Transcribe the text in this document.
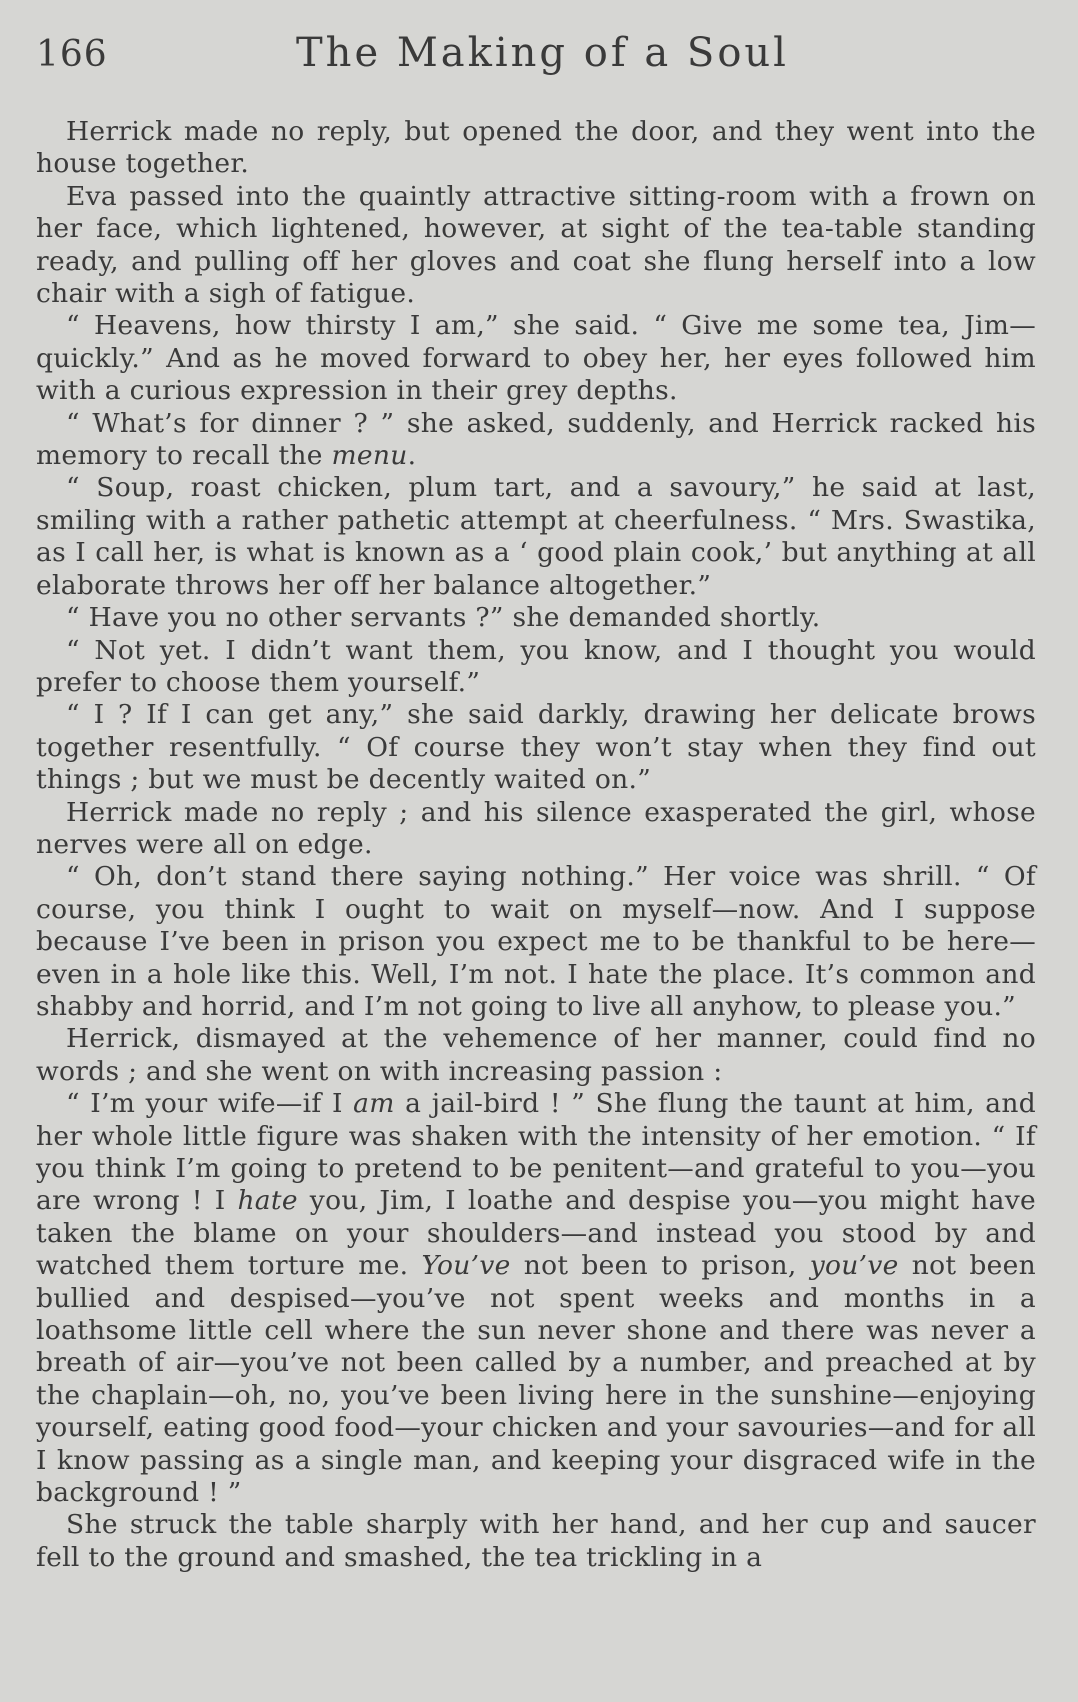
166	The Making of a Soul

Herrick made no reply, but opened the door, and they went into the house together.

Eva passed into the quaintly attractive sitting-room with a frown on her face, which lightened, however, at sight of the tea-table standing ready, and pulling off her gloves and coat she flung herself into a low chair with a sigh of fatigue.

“ Heavens, how thirsty I am,” she said. “ Give me some tea, Jim—quickly.” And as he moved forward to obey her, her eyes followed him with a curious expression in their grey depths.

“ What’s for dinner ? ” she asked, suddenly, and Herrick racked his memory to recall the menu.

“ Soup, roast chicken, plum tart, and a savoury,” he said at last, smiling with a rather pathetic attempt at cheerfulness. “ Mrs. Swastika, as I call her, is what is known as a ‘ good plain cook,’ but anything at all elaborate throws her off her balance altogether.”

“ Have you no other servants ?” she demanded shortly.

“ Not yet. I didn’t want them, you know, and I thought you would prefer to choose them yourself.”

“ I ? If I can get any,” she said darkly, drawing her delicate brows together resentfully. “ Of course they won’t stay when they find out things ; but we must be decently waited on.”

Herrick made no reply ; and his silence exasperated the girl, whose nerves were all on edge.

“ Oh, don’t stand there saying nothing.” Her voice was shrill. “ Of course, you think I ought to wait on myself—now. And I suppose because I’ve been in prison you expect me to be thankful to be here—even in a hole like this. Well, I’m not. I hate the place. It’s common and shabby and horrid, and I’m not going to live all anyhow, to please you.”

Herrick, dismayed at the vehemence of her manner, could find no words ; and she went on with increasing passion :

“ I’m your wife—if I am a jail-bird ! ” She flung the taunt at him, and her whole little figure was shaken with the intensity of her emotion. “ If you think I’m going to pretend to be penitent—and grateful to you—you are wrong ! I hate you, Jim, I loathe and despise you—you might have taken the blame on your shoulders—and instead you stood by and watched them torture me. You’ve not been to prison, you’ve not been bullied and despised—you’ve not spent weeks and months in a loathsome little cell where the sun never shone and there was never a breath of air—you’ve not been called by a number, and preached at by the chaplain—oh, no, you’ve been living here in the sunshine—enjoying yourself, eating good food—your chicken and your savouries—and for all I know passing as a single man, and keeping your disgraced wife in the background ! ”

She struck the table sharply with her hand, and her cup and saucer fell to the ground and smashed, the tea trickling in a
